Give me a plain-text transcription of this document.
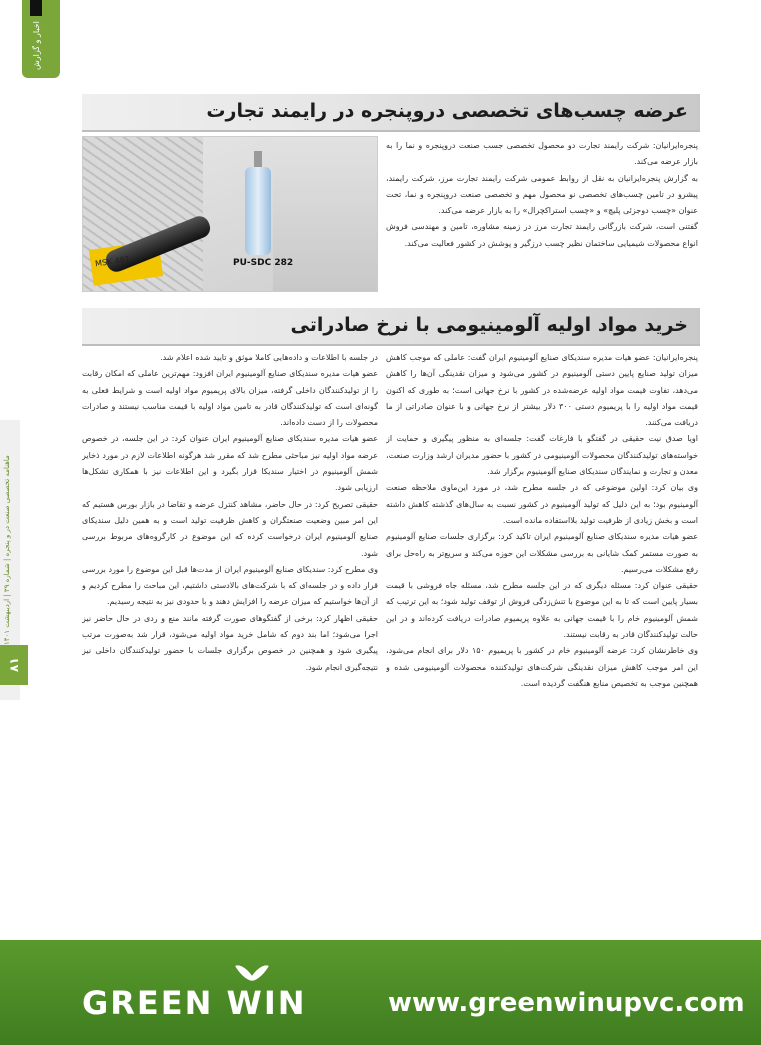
اخبار و گزارش
ماهنامه تخصصی صنعت در و پنجره | شماره ۳۹ | اردیبهشت ۱۴۰۱
۸۱
عرضه چسب‌های تخصصی درو‌پنجره در رایمند تجارت
PU-SDC 282
MSK 481

پنجره‌ایرانیان: شرکت رایمند تجارت دو محصول تخصصی جسب صنعت درو‌پنجره و نما را به بازار عرضه می‌کند.

به گزارش پنجره‌ایرانیان به نقل از روابط عمومی شرکت رایمند تجارت مرز، شرکت رایمند، پیشرو در تامین چسب‌های تخصصی نو محصول مهم و تخصصی صنعت درو‌پنجره و نما، تحت عنوان «چسب دوجزئی پلیچ» و «چسب استراکچرال» را به بازار عرضه می‌کند.

گفتنی است، شرکت بازرگانی رایمند تجارت مرز در زمینه مشاوره، تامین و مهندسی فروش انواع محصولات شیمیایی ساختمان نظیر چسب درزگیر و پوشش در کشور فعالیت می‌کند.

خرید مواد اولیه آلومینیومی با نرخ صادراتی

پنجره‌ایرانیان: عضو هیات مدیره سندیکای صنایع آلومینیوم ایران گفت: عاملی که موجب کاهش میزان تولید صنایع پایین دستی آلومینیوم در کشور می‌شود و میزان نقدینگی آن‌ها را کاهش می‌دهد، تفاوت قیمت مواد اولیه عرضه‌شده در کشور با نرخ جهانی است؛ به طوری که اکنون قیمت مواد اولیه را با پریمیوم دستی ۳۰۰ دلار بیشتر از نرخ جهانی و با عنوان صادراتی از ما دریافت می‌کنند.

اویا صدق نیت حقیقی در گفتگو با فارغات گفت: جلسه‌ای به منظور پیگیری و حمایت از خواسته‌های تولیدکنندگان محصولات آلومینیومی در کشور با حضور مدیران ارشد وزارت صنعت، معدن و تجارت و نمایندگان سندیکای صنایع آلومینیوم برگزار شد.

وی بیان کرد: اولین موضوعی که در جلسه مطرح شد، در مورد این‌ماوی ملاحظه صنعت آلومینیوم بود؛ به این دلیل که تولید آلومینیوم در کشور نسبت به سال‌های گذشته کاهش داشته است و بخش زیادی از ظرفیت تولید بلااستفاده مانده است.

عضو هیات مدیره سندیکای صنایع آلومینیوم ایران تاکید کرد: برگزاری جلسات صنایع آلومینیوم به صورت مستمر کمک شایانی به بررسی مشکلات این حوزه می‌کند و سریع‌تر به راه‌حل برای رفع مشکلات می‌رسیم.

حقیقی عنوان کرد: مسئله دیگری که در این جلسه مطرح شد، مسئله جاه فروشی با قیمت بسیار پایین است که تا به این موضوع با تنش‌زدگی فروش از توقف تولید شود؛ به این ترتیب که شمش آلومینیوم خام را با قیمت جهانی به علاوه پریمیوم صادرات دریافت کرده‌اند و در این حالت تولیدکنندگان قادر به رقابت نیستند.

وی خاطرنشان کرد: عرضه آلومینیوم خام در کشور با پریمیوم ۱۵۰ دلار برای انجام می‌شود، این امر موجب کاهش میزان نقدینگی شرکت‌های تولیدکننده محصولات آلومینیومی شده و همچنین موجب به تخصیص منابع هنگفت گردیده است.

در جلسه با اطلاعات و داده‌هایی کاملا موثق و تایید شده اعلام شد.

عضو هیات مدیره سندیکای صنایع آلومینیوم ایران افزود: مهم‌ترین عاملی که امکان رقابت را از تولیدکنندگان داخلی گرفته، میزان بالای پریمیوم مواد اولیه است و شرایط فعلی به گونه‌ای است که تولیدکنندگان قادر به تامین مواد اولیه با قیمت مناسب نیستند و صادرات محصولات را از دست داده‌اند.

عضو هیات مدیره سندیکای صنایع آلومینیوم ایران عنوان کرد: در این جلسه، در خصوص عرضه مواد اولیه نیز مباحثی مطرح شد که مقرر شد هرگونه اطلاعات لازم در مورد ذخایر شمش آلومینیوم در اختیار سندیکا قرار بگیرد و این اطلاعات نیز با همکاری تشکل‌ها ارزیابی شود.

حقیقی تصریح کرد: در حال حاضر، مشاهد کنترل عرضه و تقاضا در بازار بورس هستیم که این امر مبین وضعیت صنعتگران و کاهش ظرفیت تولید است و به همین دلیل سندیکای صنایع آلومینیوم ایران درخواست کرده که این موضوع در کارگروه‌های مربوط بررسی شود.

وی مطرح کرد: سندیکای صنایع آلومینیوم ایران از مدت‌ها قبل این موضوع را مورد بررسی قرار داده و در جلسه‌ای که با شرکت‌های بالادستی داشتیم، این مباحث را مطرح کردیم و از آن‌ها خواستیم که میزان عرضه را افزایش دهند و با حدودی نیز به نتیجه رسیدیم.

حقیقی اظهار کرد: برخی از گفتگوهای صورت گرفته مانند منع و ردی در حال حاضر نیز اجرا می‌شود؛ اما بند دوم که شامل خرید مواد اولیه می‌شود، قرار شد به‌صورت مرتب پیگیری شود و همچنین در خصوص برگزاری جلسات با حضور تولیدکنندگان داخلی نیز نتیجه‌گیری انجام شود.

GREEN WIN	www.greenwinupvc.com
